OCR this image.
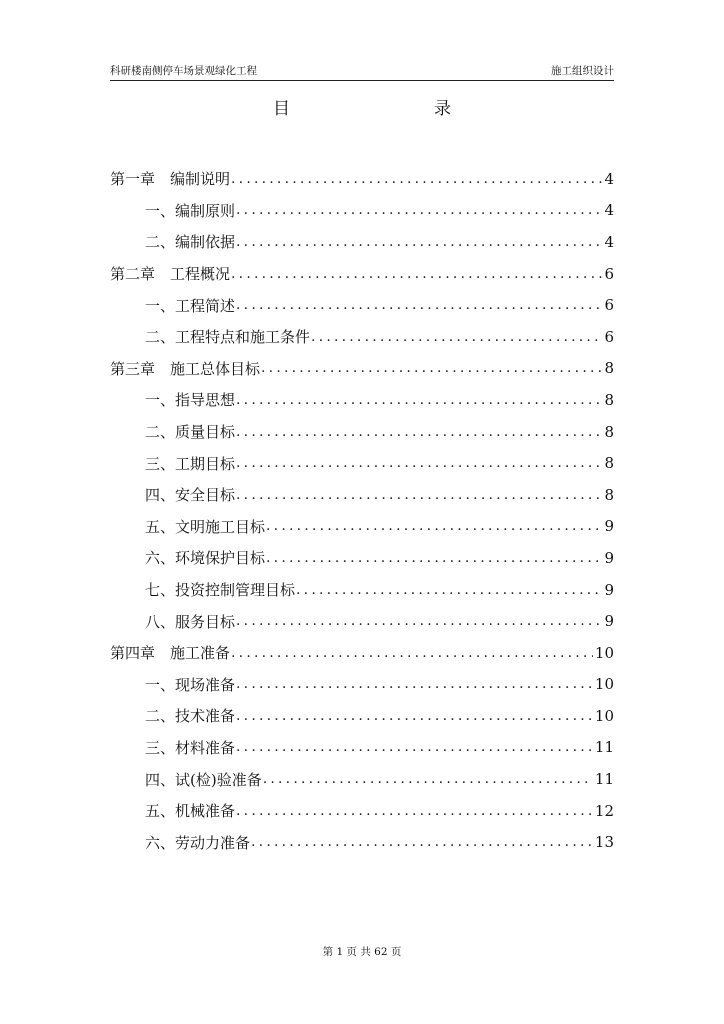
科研楼南侧停车场景观绿化工程	施工组织设计
目	录
第一章　编制说明 .....	4
一、编制原则 .....	4
二、编制依据 .....	4
第二章　工程概况 .....	6
一、工程简述 .....	6
二、工程特点和施工条件 .....	6
第三章　施工总体目标 .....	8
一、指导思想 .....	8
二、质量目标 .....	8
三、工期目标 .....	8
四、安全目标 .....	8
五、文明施工目标 .....	9
六、环境保护目标 .....	9
七、投资控制管理目标 .....	9
八、服务目标 .....	9
第四章　施工准备 .....	10
一、现场准备 .....	10
二、技术准备 .....	10
三、材料准备 .....	11
四、试(检)验准备 .....	11
五、机械准备 .....	12
六、劳动力准备 .....	13
第 1 页 共 62 页
